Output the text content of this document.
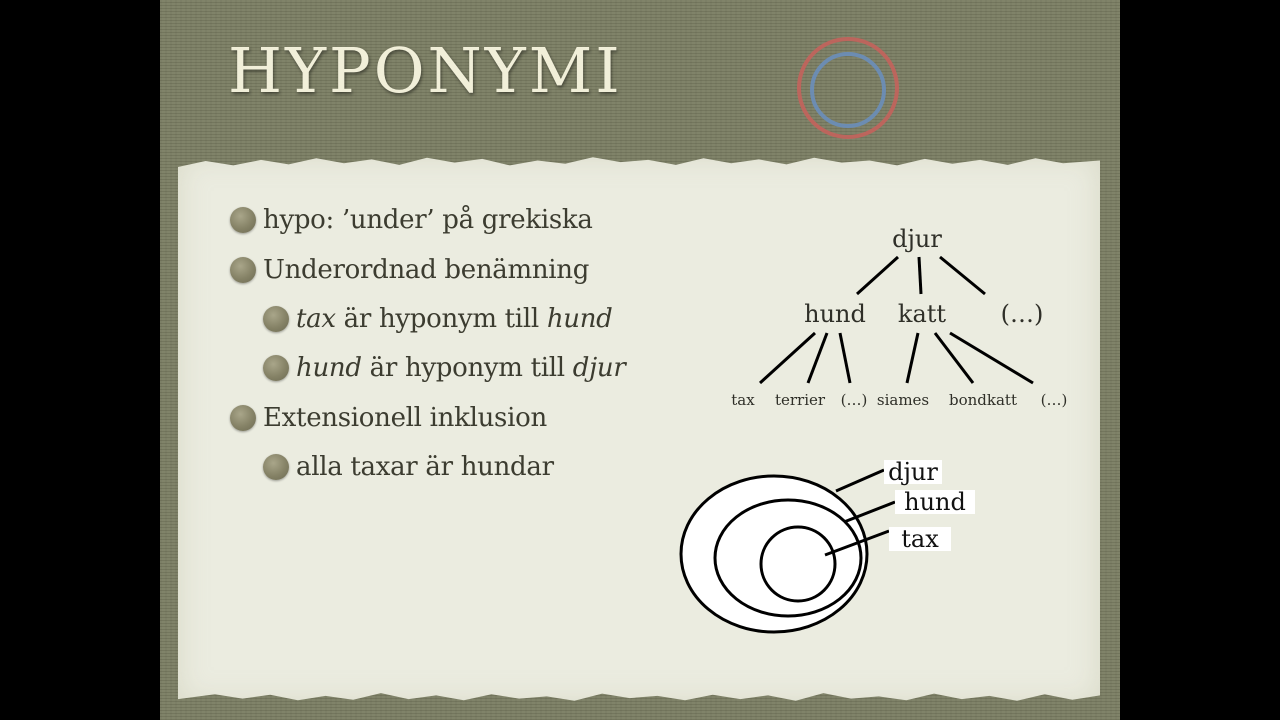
HYPONYMI
hypo: ’under’ på grekiska
Underordnad benämning
tax är hyponym till hund
hund är hyponym till djur
Extensionell inklusion
alla taxar är hundar
djur
hund katt (…)
tax terrier (…) siames bondkatt (…)
djur
hund
tax
